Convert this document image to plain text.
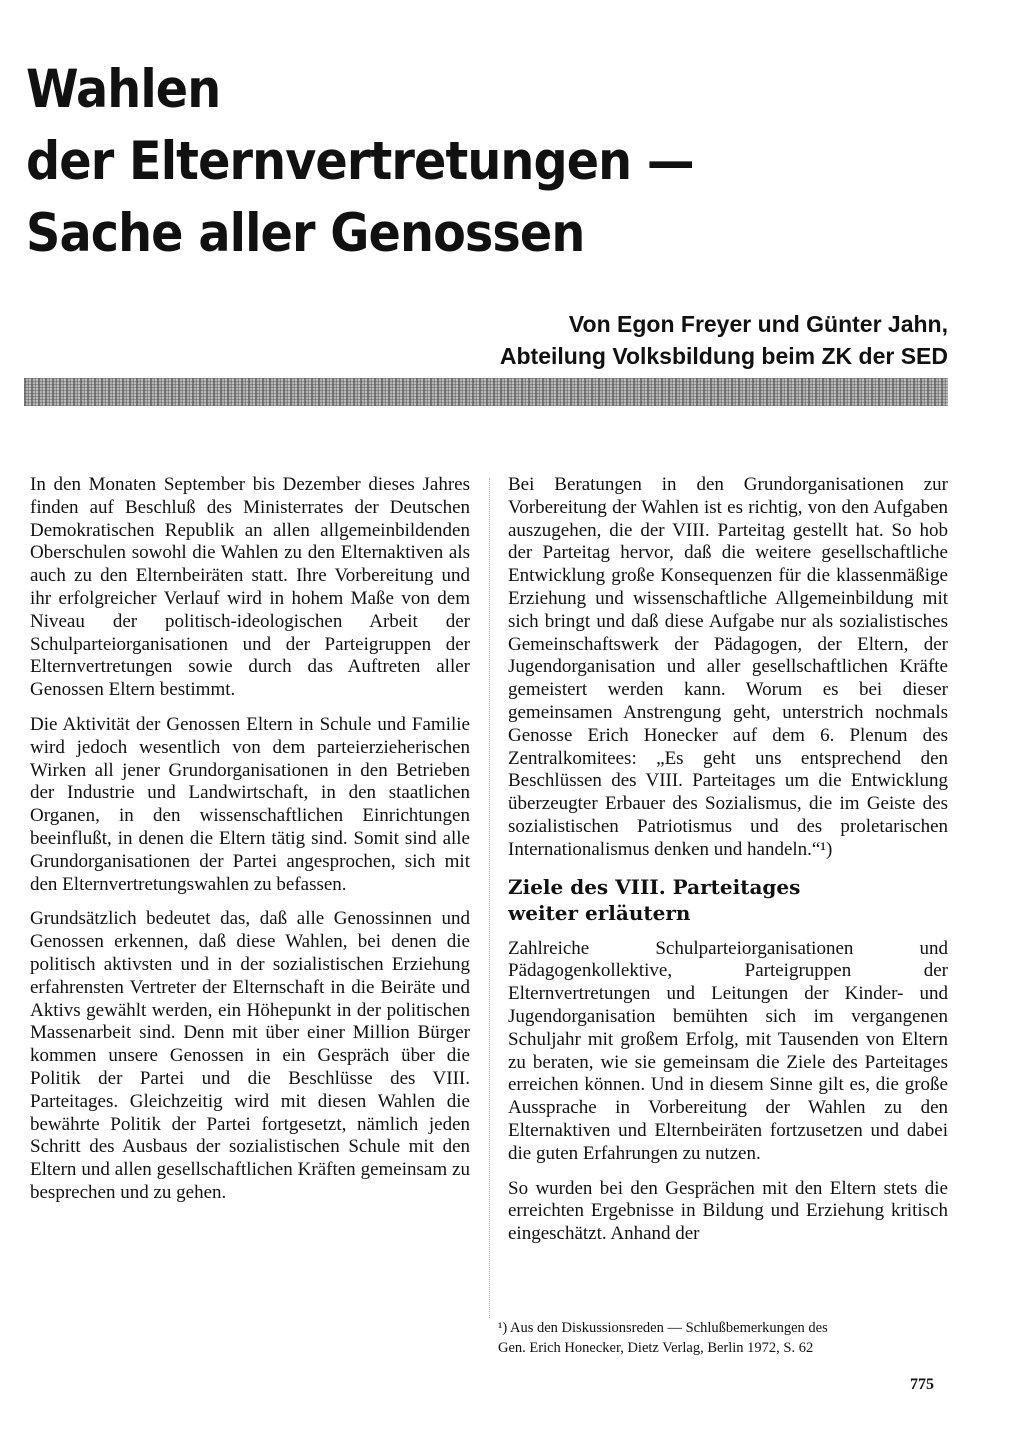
Wahlen
der Elternvertretungen —
Sache aller Genossen
Von Egon Freyer und Günter Jahn,
Abteilung Volksbildung beim ZK der SED

In den Monaten September bis Dezember dieses Jahres finden auf Beschluß des Ministerrates der Deutschen Demokratischen Republik an allen allgemeinbildenden Oberschulen sowohl die Wahlen zu den Elternaktiven als auch zu den Elternbeiräten statt. Ihre Vorbereitung und ihr erfolgreicher Verlauf wird in hohem Maße von dem Niveau der politisch-ideologischen Arbeit der Schulparteiorganisationen und der Parteigruppen der Elternvertretungen sowie durch das Auftreten aller Genossen Eltern bestimmt.

Die Aktivität der Genossen Eltern in Schule und Familie wird jedoch wesentlich von dem parteierzieherischen Wirken all jener Grundorganisationen in den Betrieben der Industrie und Landwirtschaft, in den staatlichen Organen, in den wissenschaftlichen Einrichtungen beeinflußt, in denen die Eltern tätig sind. Somit sind alle Grundorganisationen der Partei angesprochen, sich mit den Elternvertretungswahlen zu befassen.

Grundsätzlich bedeutet das, daß alle Genossinnen und Genossen erkennen, daß diese Wahlen, bei denen die politisch aktivsten und in der sozialistischen Erziehung erfahrensten Vertreter der Elternschaft in die Beiräte und Aktivs gewählt werden, ein Höhepunkt in der politischen Massenarbeit sind. Denn mit über einer Million Bürger kommen unsere Genossen in ein Gespräch über die Politik der Partei und die Beschlüsse des VIII. Parteitages. Gleichzeitig wird mit diesen Wahlen die bewährte Politik der Partei fortgesetzt, nämlich jeden Schritt des Ausbaus der sozialistischen Schule mit den Eltern und allen gesellschaftlichen Kräften gemeinsam zu besprechen und zu gehen.

Bei Beratungen in den Grundorganisationen zur Vorbereitung der Wahlen ist es richtig, von den Aufgaben auszugehen, die der VIII. Parteitag gestellt hat. So hob der Parteitag hervor, daß die weitere gesellschaftliche Entwicklung große Konsequenzen für die klassenmäßige Erziehung und wissenschaftliche Allgemeinbildung mit sich bringt und daß diese Aufgabe nur als sozialistisches Gemeinschaftswerk der Pädagogen, der Eltern, der Jugendorganisation und aller gesellschaftlichen Kräfte gemeistert werden kann. Worum es bei dieser gemeinsamen Anstrengung geht, unterstrich nochmals Genosse Erich Honecker auf dem 6. Plenum des Zentralkomitees: „Es geht uns entsprechend den Beschlüssen des VIII. Parteitages um die Entwicklung überzeugter Erbauer des Sozialismus, die im Geiste des sozialistischen Patriotismus und des proletarischen Internationalismus denken und handeln.“¹)

Ziele des VIII. Parteitages
weiter erläutern

Zahlreiche Schulparteiorganisationen und Pädagogenkollektive, Parteigruppen der Elternvertretungen und Leitungen der Kinder- und Jugendorganisation bemühten sich im vergangenen Schuljahr mit großem Erfolg, mit Tausenden von Eltern zu beraten, wie sie gemeinsam die Ziele des Parteitages erreichen können. Und in diesem Sinne gilt es, die große Aussprache in Vorbereitung der Wahlen zu den Elternaktiven und Elternbeiräten fortzusetzen und dabei die guten Erfahrungen zu nutzen.

So wurden bei den Gesprächen mit den Eltern stets die erreichten Ergebnisse in Bildung und Erziehung kritisch eingeschätzt. Anhand der

¹) Aus den Diskussionsreden — Schlußbemerkungen des
Gen. Erich Honecker, Dietz Verlag, Berlin 1972, S. 62
775
